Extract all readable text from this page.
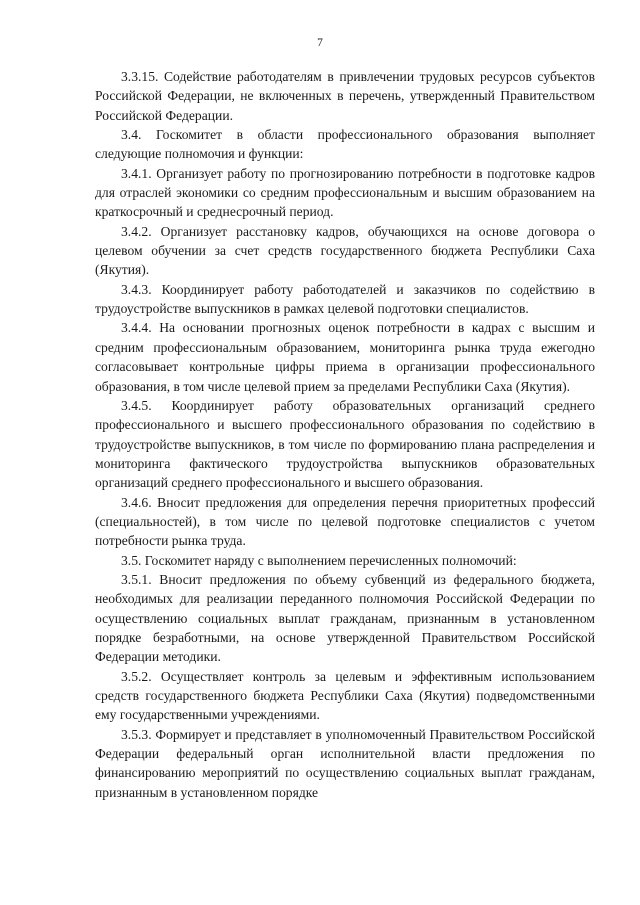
7

3.3.15. Содействие работодателям в привлечении трудовых ресурсов субъектов Российской Федерации, не включенных в перечень, утвержденный Правительством Российской Федерации.

3.4. Госкомитет в области профессионального образования выполняет следующие полномочия и функции:

3.4.1. Организует работу по прогнозированию потребности в подготовке кадров для отраслей экономики со средним профессиональным и высшим образованием на краткосрочный и среднесрочный период.

3.4.2. Организует расстановку кадров, обучающихся на основе договора о целевом обучении за счет средств государственного бюджета Республики Саха (Якутия).

3.4.3. Координирует работу работодателей и заказчиков по содействию в трудоустройстве выпускников в рамках целевой подготовки специалистов.

3.4.4. На основании прогнозных оценок потребности в кадрах с высшим и средним профессиональным образованием, мониторинга рынка труда ежегодно согласовывает контрольные цифры приема в организации профессионального образования, в том числе целевой прием за пределами Республики Саха (Якутия).

3.4.5. Координирует работу образовательных организаций среднего профессионального и высшего профессионального образования по содействию в трудоустройстве выпускников, в том числе по формированию плана распределения и мониторинга фактического трудоустройства выпускников образовательных организаций среднего профессионального и высшего образования.

3.4.6. Вносит предложения для определения перечня приоритетных профессий (специальностей), в том числе по целевой подготовке специалистов с учетом потребности рынка труда.

3.5. Госкомитет наряду с выполнением перечисленных полномочий:

3.5.1. Вносит предложения по объему субвенций из федерального бюджета, необходимых для реализации переданного полномочия Российской Федерации по осуществлению социальных выплат гражданам, признанным в установленном порядке безработными, на основе утвержденной Правительством Российской Федерации методики.

3.5.2. Осуществляет контроль за целевым и эффективным использованием средств государственного бюджета Республики Саха (Якутия) подведомственными ему государственными учреждениями.

3.5.3. Формирует и представляет в уполномоченный Правительством Российской Федерации федеральный орган исполнительной власти предложения по финансированию мероприятий по осуществлению социальных выплат гражданам, признанным в установленном порядке
